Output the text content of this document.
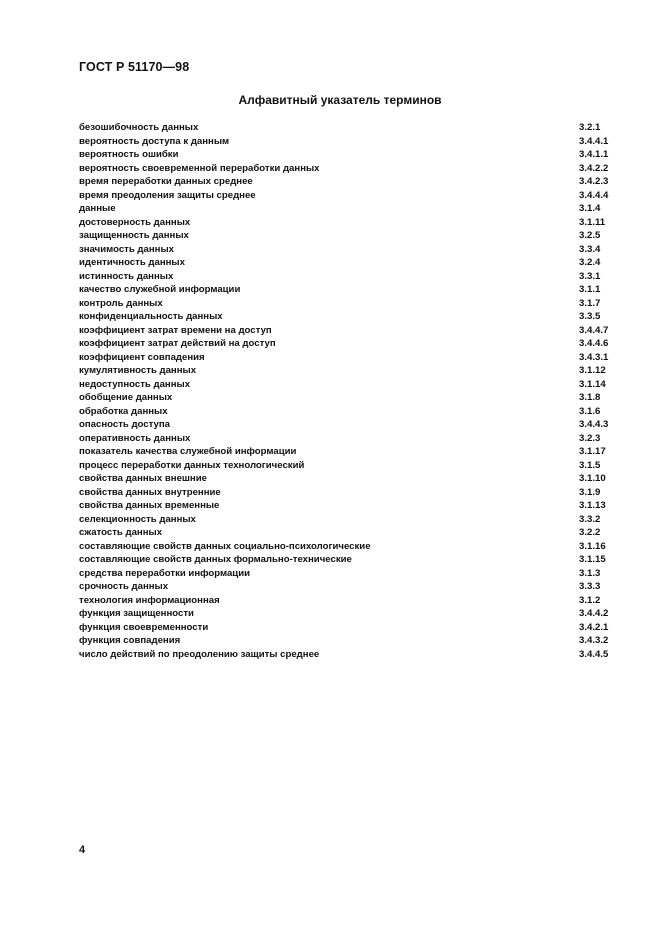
ГОСТ Р 51170—98
Алфавитный указатель терминов
безошибочность данных	3.2.1
вероятность доступа к данным	3.4.4.1
вероятность ошибки	3.4.1.1
вероятность своевременной переработки данных	3.4.2.2
время переработки данных среднее	3.4.2.3
время преодоления защиты среднее	3.4.4.4
данные	3.1.4
достоверность данных	3.1.11
защищенность данных	3.2.5
значимость данных	3.3.4
идентичность данных	3.2.4
истинность данных	3.3.1
качество служебной информации	3.1.1
контроль данных	3.1.7
конфиденциальность данных	3.3.5
коэффициент затрат времени на доступ	3.4.4.7
коэффициент затрат действий на доступ	3.4.4.6
коэффициент совпадения	3.4.3.1
кумулятивность данных	3.1.12
недоступность данных	3.1.14
обобщение данных	3.1.8
обработка данных	3.1.6
опасность доступа	3.4.4.3
оперативность данных	3.2.3
показатель качества служебной информации	3.1.17
процесс переработки данных технологический	3.1.5
свойства данных внешние	3.1.10
свойства данных внутренние	3.1.9
свойства данных временные	3.1.13
селекционность данных	3.3.2
сжатость данных	3.2.2
составляющие свойств данных социально-психологические	3.1.16
составляющие свойств данных формально-технические	3.1.15
средства переработки информации	3.1.3
срочность данных	3.3.3
технология информационная	3.1.2
функция защищенности	3.4.4.2
функция своевременности	3.4.2.1
функция совпадения	3.4.3.2
число действий по преодолению защиты среднее	3.4.4.5
4
